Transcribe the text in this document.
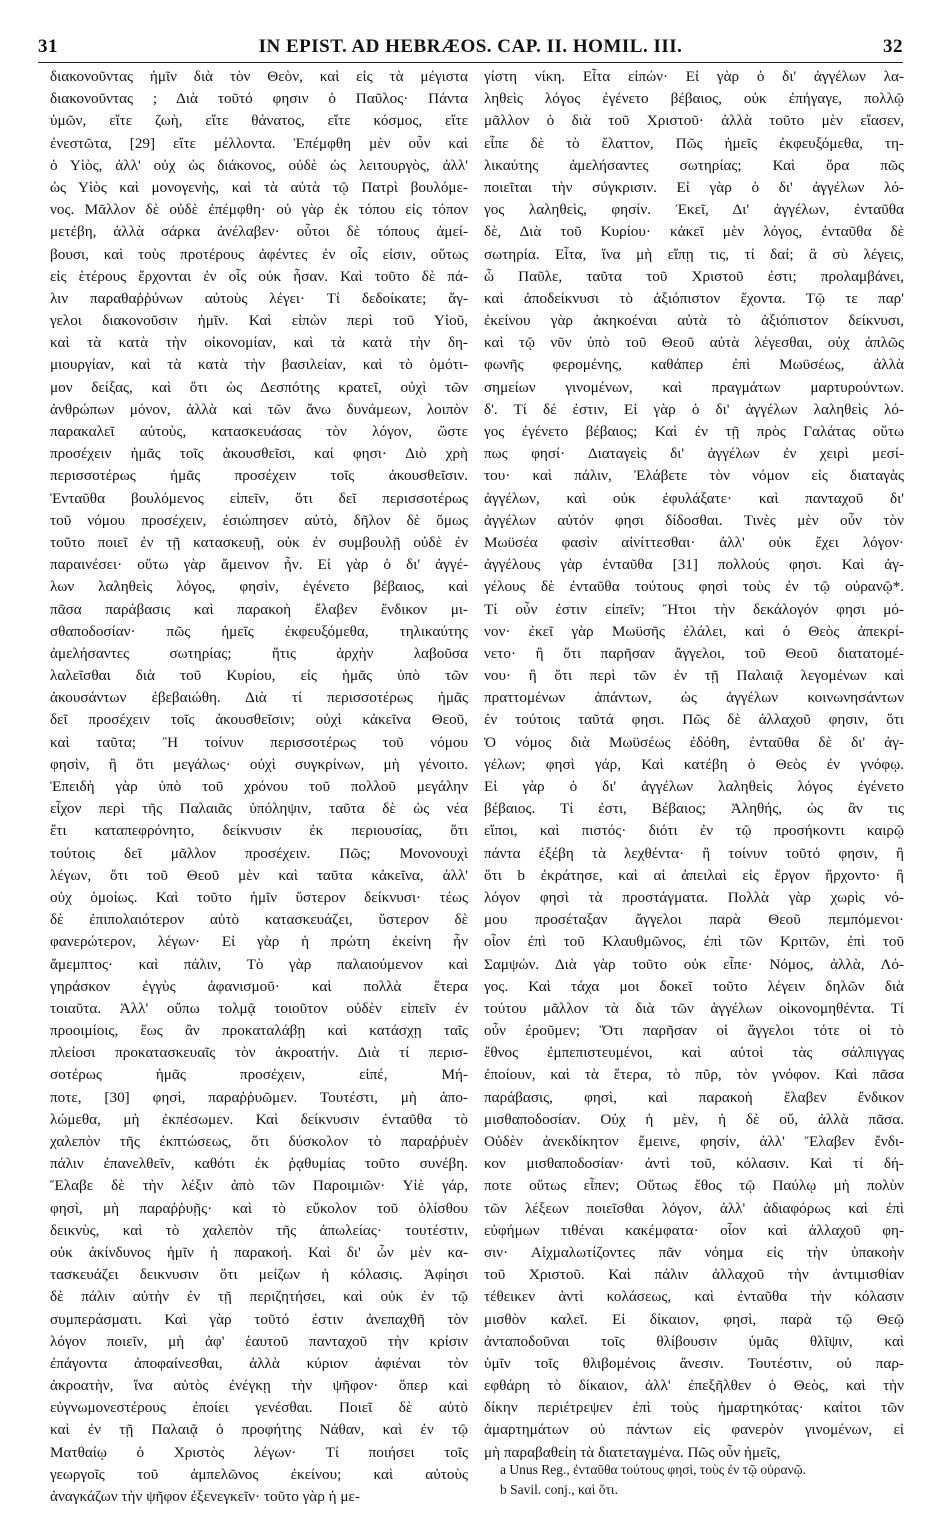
31	IN EPIST. AD HEBRÆOS. CAP. II. HOMIL. III.	32
διακονοῦντας ἡμῖν διὰ τὸν Θεὸν, καὶ εἰς τὰ μέγιστα
διακονοῦντας ; Διὰ τοῦτό φησιν ὁ Παῦλος· Πάντα
ὑμῶν, εἴτε ζωὴ, εἴτε θάνατος, εἴτε κόσμος, εἴτε
ἐνεστῶτα, [29] εἴτε μέλλοντα. Ἐπέμφθη μὲν οὖν καὶ
ὁ Υἱὸς, ἀλλ' οὐχ ὡς διάκονος, οὐδὲ ὡς λειτουργὸς, ἀλλ'
ὡς Υἱὸς καὶ μονογενὴς, καὶ τὰ αὐτὰ τῷ Πατρὶ βουλόμε-
νος. Μᾶλλον δὲ οὐδὲ ἐπέμφθη· οὐ γὰρ ἐκ τόπου εἰς τόπον
μετέβη, ἀλλὰ σάρκα ἀνέλαβεν· οὗτοι δὲ τόπους ἀμεί-
βουσι, καὶ τοὺς προτέρους ἀφέντες ἐν οἷς εἰσιν, οὕτως
εἰς ἑτέρους ἔρχονται ἐν οἷς οὐκ ἦσαν. Καὶ τοῦτο δὲ πά-
λιν παραθαῤῥύνων αὐτοὺς λέγει· Τί δεδοίκατε; ἄγ-
γελοι διακονοῦσιν ἡμῖν. Καὶ εἰπὼν περὶ τοῦ Υἱοῦ,
καὶ τὰ κατὰ τὴν οἰκονομίαν, καὶ τὰ κατὰ τὴν δη-
μιουργίαν, καὶ τὰ κατὰ τὴν βασιλείαν, καὶ τὸ ὁμότι-
μον δείξας, καὶ ὅτι ὡς Δεσπότης κρατεῖ, οὐχὶ τῶν
ἀνθρώπων μόνον, ἀλλὰ καὶ τῶν ἄνω δυνάμεων, λοιπὸν
παρακαλεῖ αὐτοὺς, κατασκευάσας τὸν λόγον, ὥστε
προσέχειν ἡμᾶς τοῖς ἀκουσθεῖσι, καί φησι· Διὸ χρὴ
περισσοτέρως ἡμᾶς προσέχειν τοῖς ἀκουσθεῖσιν.
Ἐνταῦθα βουλόμενος εἰπεῖν, ὅτι δεῖ περισσοτέρως
τοῦ νόμου προσέχειν, ἐσιώπησεν αὐτὸ, δῆλον δὲ ὅμως
τοῦτο ποιεῖ ἐν τῇ κατασκευῇ, οὐκ ἐν συμβουλῇ οὐδὲ ἐν
παραινέσει· οὕτω γὰρ ἄμεινον ἦν. Εἰ γὰρ ὁ δι' ἀγγέ-
λων λαληθεὶς λόγος, φησὶν, ἐγένετο βέβαιος, καὶ
πᾶσα παράβασις καὶ παρακοὴ ἔλαβεν ἔνδικον μι-
σθαποδοσίαν· πῶς ἡμεῖς ἐκφευξόμεθα, τηλικαύτης
ἀμελήσαντες σωτηρίας; ἥτις ἀρχὴν λαβοῦσα
λαλεῖσθαι διὰ τοῦ Κυρίου, εἰς ἡμᾶς ὑπὸ τῶν
ἀκουσάντων ἐβεβαιώθη. Διὰ τί περισσοτέρως ἡμᾶς
δεῖ προσέχειν τοῖς ἀκουσθεῖσιν; οὐχὶ κἀκεῖνα Θεοῦ,
καὶ ταῦτα; Ἢ τοίνυν περισσοτέρως τοῦ νόμου
φησὶν, ἢ ὅτι μεγάλως· οὐχὶ συγκρίνων, μὴ γένοιτο.
Ἐπειδὴ γὰρ ὑπὸ τοῦ χρόνου τοῦ πολλοῦ μεγάλην
εἶχον περὶ τῆς Παλαιᾶς ὑπόληψιν, ταῦτα δὲ ὡς νέα
ἔτι καταπεφρόνητο, δείκνυσιν ἐκ περιουσίας, ὅτι
τούτοις δεῖ μᾶλλον προσέχειν. Πῶς; Μονονουχὶ
λέγων, ὅτι τοῦ Θεοῦ μὲν καὶ ταῦτα κἀκεῖνα, ἀλλ'
οὐχ ὁμοίως. Καὶ τοῦτο ἡμῖν ὕστερον δείκνυσι· τέως
δὲ ἐπιπολαιότερον αὐτὸ κατασκευάζει, ὕστερον δὲ
φανερώτερον, λέγων· Εἰ γὰρ ἡ πρώτη ἐκείνη ἦν
ἄμεμπτος· καὶ πάλιν, Τὸ γὰρ παλαιούμενον καὶ
γηράσκον ἐγγὺς ἀφανισμοῦ· καὶ πολλὰ ἕτερα
τοιαῦτα. Ἀλλ' οὔπω τολμᾷ τοιοῦτον οὐδὲν εἰπεῖν ἐν
προοιμίοις, ἕως ἂν προκαταλάβῃ καὶ κατάσχῃ ταῖς
πλείοσι προκατασκευαῖς τὸν ἀκροατήν. Διὰ τί περισ-
σοτέρως ἡμᾶς προσέχειν, εἰπέ, Μή-
ποτε, [30] φησὶ, παραῤῥυῶμεν. Τουτέστι, μὴ ἀπο-
λώμεθα, μὴ ἐκπέσωμεν. Καὶ δείκνυσιν ἐνταῦθα τὸ
χαλεπὸν τῆς ἐκπτώσεως, ὅτι δύσκολον τὸ παραῤῥυὲν
πάλιν ἐπανελθεῖν, καθότι ἐκ ῥᾳθυμίας τοῦτο συνέβη.
Ἔλαβε δὲ τὴν λέξιν ἀπὸ τῶν Παροιμιῶν· Υἱὲ γάρ,
φησὶ, μὴ παραῤῥυῇς· καὶ τὸ εὔκολον τοῦ ὀλίσθου
δεικνὺς, καὶ τὸ χαλεπὸν τῆς ἀπωλείας· τουτέστιν,
οὐκ ἀκίνδυνος ἡμῖν ἡ παρακοή. Καὶ δι' ὧν μὲν κα-
τασκευάζει δεικνυσιν ὅτι μείζων ἡ κόλασις. Ἀφίησι
δὲ πάλιν αὐτὴν ἐν τῇ περιζητήσει, καὶ οὐκ ἐν τῷ
συμπεράσματι. Καὶ γὰρ τοῦτό ἐστιν ἀνεπαχθῆ τὸν
λόγον ποιεῖν, μὴ ἀφ' ἑαυτοῦ πανταχοῦ τὴν κρίσιν
ἐπάγοντα ἀποφαίνεσθαι, ἀλλὰ κύριον ἀφιέναι τὸν
ἀκροατὴν, ἵνα αὐτὸς ἐνέγκῃ τὴν ψῆφον· ὅπερ καὶ
εὐγνωμονεστέρους ἐποίει γενέσθαι. Ποιεῖ δὲ αὐτὸ
καὶ ἐν τῇ Παλαιᾷ ὁ προφήτης Νάθαν, καὶ ἐν τῷ
Ματθαίῳ ὁ Χριστὸς λέγων· Τί ποιήσει τοῖς
γεωργοῖς τοῦ ἀμπελῶνος ἐκείνου; καὶ αὐτοὺς
ἀναγκάζων τὴν ψῆφον ἐξενεγκεῖν· τοῦτο γὰρ ἡ με-
γίστη νίκη. Εἶτα εἰπών· Εἰ γὰρ ὁ δι' ἀγγέλων λα-
ληθεὶς λόγος ἐγένετο βέβαιος, οὐκ ἐπήγαγε, πολλῷ
μᾶλλον ὁ διὰ τοῦ Χριστοῦ· ἀλλὰ τοῦτο μὲν εἴασεν,
εἶπε δὲ τὸ ἔλαττον, Πῶς ἡμεῖς ἐκφευξόμεθα, τη-
λικαύτης ἀμελήσαντες σωτηρίας; Καὶ ὅρα πῶς
ποιεῖται τὴν σύγκρισιν. Εἰ γὰρ ὁ δι' ἀγγέλων λό-
γος λαληθεὶς, φησίν. Ἐκεῖ, Δι' ἀγγέλων, ἐνταῦθα
δὲ, Διὰ τοῦ Κυρίου· κἀκεῖ μὲν λόγος, ἐνταῦθα δὲ
σωτηρία. Εἶτα, ἵνα μὴ εἴπῃ τις, τί δαί; ἃ σὺ λέγεις,
ὦ Παῦλε, ταῦτα τοῦ Χριστοῦ ἐστι; προλαμβάνει,
καὶ ἀποδείκνυσι τὸ ἀξιόπιστον ἔχοντα. Τῷ τε παρ'
ἐκείνου γὰρ ἀκηκοέναι αὐτὰ τὸ ἀξιόπιστον δείκνυσι,
καὶ τῷ νῦν ὑπὸ τοῦ Θεοῦ αὐτὰ λέγεσθαι, οὐχ ἁπλῶς
φωνῆς φερομένης, καθάπερ ἐπὶ Μωϋσέως, ἀλλὰ
σημείων γινομένων, καὶ πραγμάτων μαρτυρούντων.
δ'. Τί δέ ἐστιν, Εἰ γὰρ ὁ δι' ἀγγέλων λαληθεὶς λό-
γος ἐγένετο βέβαιος; Καὶ ἐν τῇ πρὸς Γαλάτας οὕτω
πως φησί· Διαταγεὶς δι' ἀγγέλων ἐν χειρὶ μεσί-
του· καὶ πάλιν, Ἐλάβετε τὸν νόμον εἰς διαταγὰς
ἀγγέλων, καὶ οὐκ ἐφυλάξατε· καὶ πανταχοῦ δι'
ἀγγέλων αὐτόν φησι δίδοσθαι. Τινὲς μὲν οὖν τὸν
Μωϋσέα φασὶν αἰνίττεσθαι· ἀλλ' οὐκ ἔχει λόγον·
ἀγγέλους γὰρ ἐνταῦθα [31] πολλούς φησι. Καὶ ἀγ-
γέλους δὲ ἐνταῦθα τούτους φησὶ τοὺς ἐν τῷ οὐρανῷ*.
Τί οὖν ἐστιν εἰπεῖν; Ἤτοι τὴν δεκάλογόν φησι μό-
νον· ἐκεῖ γὰρ Μωϋσῆς ἐλάλει, καὶ ὁ Θεὸς ἀπεκρί-
νετο· ἢ ὅτι παρῆσαν ἄγγελοι, τοῦ Θεοῦ διατατομέ-
νου· ἢ ὅτι περὶ τῶν ἐν τῇ Παλαιᾷ λεγομένων καὶ
πραττομένων ἁπάντων, ὡς ἀγγέλων κοινωνησάντων
ἐν τούτοις ταῦτά φησι. Πῶς δὲ ἀλλαχοῦ φησιν, ὅτι
Ὁ νόμος διὰ Μωϋσέως ἐδόθη, ἐνταῦθα δὲ δι' ἀγ-
γέλων; φησὶ γάρ, Καὶ κατέβη ὁ Θεὸς ἐν γνόφῳ.
Εἰ γὰρ ὁ δι' ἀγγέλων λαληθεὶς λόγος ἐγένετο
βέβαιος. Τί ἐστι, Βέβαιος; Ἀληθής, ὡς ἂν τις
εἴποι, καὶ πιστός· διότι ἐν τῷ προσήκοντι καιρῷ
πάντα ἐξέβη τὰ λεχθέντα· ἢ τοίνυν τοῦτό φησιν, ἢ
ὅτι b ἐκράτησε, καὶ αἱ ἀπειλαὶ εἰς ἔργον ἤρχοντο· ἢ
λόγον φησὶ τὰ προστάγματα. Πολλὰ γὰρ χωρὶς νό-
μου προσέταξαν ἄγγελοι παρὰ Θεοῦ πεμπόμενοι·
οἷον ἐπὶ τοῦ Κλαυθμῶνος, ἐπὶ τῶν Κριτῶν, ἐπὶ τοῦ
Σαμψών. Διὰ γὰρ τοῦτο οὐκ εἶπε· Νόμος, ἀλλὰ, Λό-
γος. Καὶ τάχα μοι δοκεῖ τοῦτο λέγειν δηλῶν διὰ
τούτου μᾶλλον τὰ διὰ τῶν ἀγγέλων οἰκονομηθέντα. Τί
οὖν ἐροῦμεν; Ὅτι παρῆσαν οἱ ἄγγελοι τότε οἱ τὸ
ἔθνος ἐμπεπιστευμένοι, καὶ αὐτοὶ τὰς σάλπιγγας
ἐποίουν, καὶ τὰ ἕτερα, τὸ πῦρ, τὸν γνόφον. Καὶ πᾶσα
παράβασις, φησὶ, καὶ παρακοὴ ἔλαβεν ἔνδικον
μισθαποδοσίαν. Οὐχ ἡ μὲν, ἡ δὲ οὔ, ἀλλὰ πᾶσα.
Οὐδὲν ἀνεκδίκητον ἔμεινε, φησίν, ἀλλ' Ἔλαβεν ἔνδι-
κον μισθαποδοσίαν· ἀντὶ τοῦ, κόλασιν. Καὶ τί δή-
ποτε οὕτως εἶπεν; Οὕτως ἔθος τῷ Παύλῳ μὴ πολὺν
τῶν λέξεων ποιεῖσθαι λόγον, ἀλλ' ἀδιαφόρως καὶ ἐπὶ
εὐφήμων τιθέναι κακέμφατα· οἷον καὶ ἀλλαχοῦ φη-
σιν· Αἰχμαλωτίζοντες πᾶν νόημα εἰς τὴν ὑπακοὴν
τοῦ Χριστοῦ. Καὶ πάλιν ἀλλαχοῦ τὴν ἀντιμισθίαν
τέθεικεν ἀντὶ κολάσεως, καὶ ἐνταῦθα τὴν κόλασιν
μισθὸν καλεῖ. Εἰ δίκαιον, φησὶ, παρὰ τῷ Θεῷ
ἀνταποδοῦναι τοῖς θλίβουσιν ὑμᾶς θλῖψιν, καὶ
ὑμῖν τοῖς θλιβομένοις ἄνεσιν. Τουτέστιν, οὐ παρ-
εφθάρη τὸ δίκαιον, ἀλλ' ἐπεξῆλθεν ὁ Θεὸς, καὶ τὴν
δίκην περιέτρεψεν ἐπὶ τοὺς ἡμαρτηκότας· καίτοι τῶν
ἁμαρτημάτων οὐ πάντων εἰς φανερὸν γινομένων, εἰ
μὴ παραβαθείη τὰ διατεταγμένα. Πῶς οὖν ἡμεῖς,
a Unus Reg., ἐνταῦθα τούτους φησὶ, τοὺς ἐν τῷ οὐρανῷ.
b Savil. conj., καὶ ὅτι.
